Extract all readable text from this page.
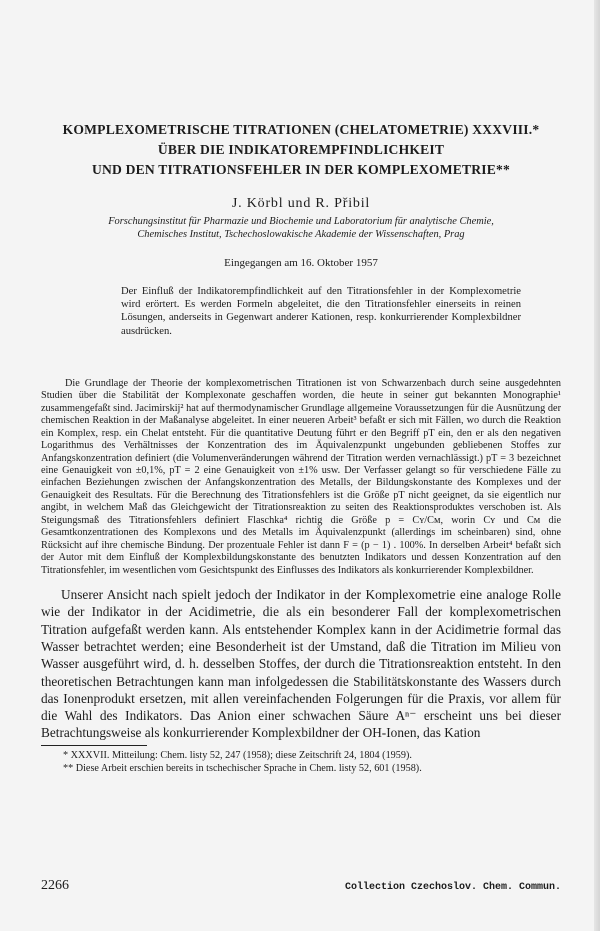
KOMPLEXOMETRISCHE TITRATIONEN (CHELATOMETRIE) XXXVIII.*
ÜBER DIE INDIKATOREMPFINDLICHKEIT
UND DEN TITRATIONSFEHLER IN DER KOMPLEXOMETRIE**
J. Körbl und R. Přibil
Forschungsinstitut für Pharmazie und Biochemie und Laboratorium für analytische Chemie,
Chemisches Institut, Tschechoslowakische Akademie der Wissenschaften, Prag
Eingegangen am 16. Oktober 1957
Der Einfluß der Indikatorempfindlichkeit auf den Titrationsfehler in der Komplexometrie wird erörtert. Es werden Formeln abgeleitet, die den Titrationsfehler einerseits in reinen Lösungen, anderseits in Gegenwart anderer Kationen, resp. konkurrierender Komplexbildner ausdrücken.
Die Grundlage der Theorie der komplexometrischen Titrationen ist von Schwarzenbach durch seine ausgedehnten Studien über die Stabilität der Komplexonate geschaffen worden, die heute in seiner gut bekannten Monographie¹ zusammengefaßt sind. Jacimirskij² hat auf thermodynamischer Grundlage allgemeine Voraussetzungen für die Ausnützung der chemischen Reaktion in der Maßanalyse abgeleitet. In einer neueren Arbeit³ befaßt er sich mit Fällen, wo durch die Reaktion ein Komplex, resp. ein Chelat entsteht. Für die quantitative Deutung führt er den Begriff pT ein, den er als den negativen Logarithmus des Verhältnisses der Konzentration des im Äquivalenzpunkt ungebunden gebliebenen Stoffes zur Anfangskonzentration definiert (die Volumenveränderungen während der Titration werden vernachlässigt.) pT = 3 bezeichnet eine Genauigkeit von ±0,1%, pT = 2 eine Genauigkeit von ±1% usw. Der Verfasser gelangt so für verschiedene Fälle zu einfachen Beziehungen zwischen der Anfangskonzentration des Metalls, der Bildungskonstante des Komplexes und der Genauigkeit des Resultats. Für die Berechnung des Titrationsfehlers ist die Größe pT nicht geeignet, da sie eigentlich nur angibt, in welchem Maß das Gleichgewicht der Titrationsreaktion zu seiten des Reaktionsproduktes verschoben ist. Als Steigungsmaß des Titrationsfehlers definiert Flaschka⁴ richtig die Größe p = Cʏ/Cᴍ, worin Cʏ und Cᴍ die Gesamtkonzentrationen des Komplexons und des Metalls im Äquivalenzpunkt (allerdings im scheinbaren) sind, ohne Rücksicht auf ihre chemische Bindung. Der prozentuale Fehler ist dann F = (p − 1) . 100%. In derselben Arbeit⁴ befaßt sich der Autor mit dem Einfluß der Komplexbildungskonstante des benutzten Indikators und dessen Konzentration auf den Titrationsfehler, im wesentlichen vom Gesichtspunkt des Einflusses des Indikators als konkurrierender Komplexbildner.
Unserer Ansicht nach spielt jedoch der Indikator in der Komplexometrie eine analoge Rolle wie der Indikator in der Acidimetrie, die als ein besonderer Fall der komplexometrischen Titration aufgefaßt werden kann. Als entstehender Komplex kann in der Acidimetrie formal das Wasser betrachtet werden; eine Besonderheit ist der Umstand, daß die Titration im Milieu von Wasser ausgeführt wird, d. h. desselben Stoffes, der durch die Titrationsreaktion entsteht. In den theoretischen Betrachtungen kann man infolgedessen die Stabilitätskonstante des Wassers durch das Ionenprodukt ersetzen, mit allen vereinfachenden Folgerungen für die Praxis, vor allem für die Wahl des Indikators. Das Anion einer schwachen Säure Aⁿ⁻ erscheint uns bei dieser Betrachtungsweise als konkurrierender Komplexbildner der OH-Ionen, das Kation
* XXXVII. Mitteilung: Chem. listy 52, 247 (1958); diese Zeitschrift 24, 1804 (1959).
** Diese Arbeit erschien bereits in tschechischer Sprache in Chem. listy 52, 601 (1958).
2266	Collection Czechoslov. Chem. Commun.
